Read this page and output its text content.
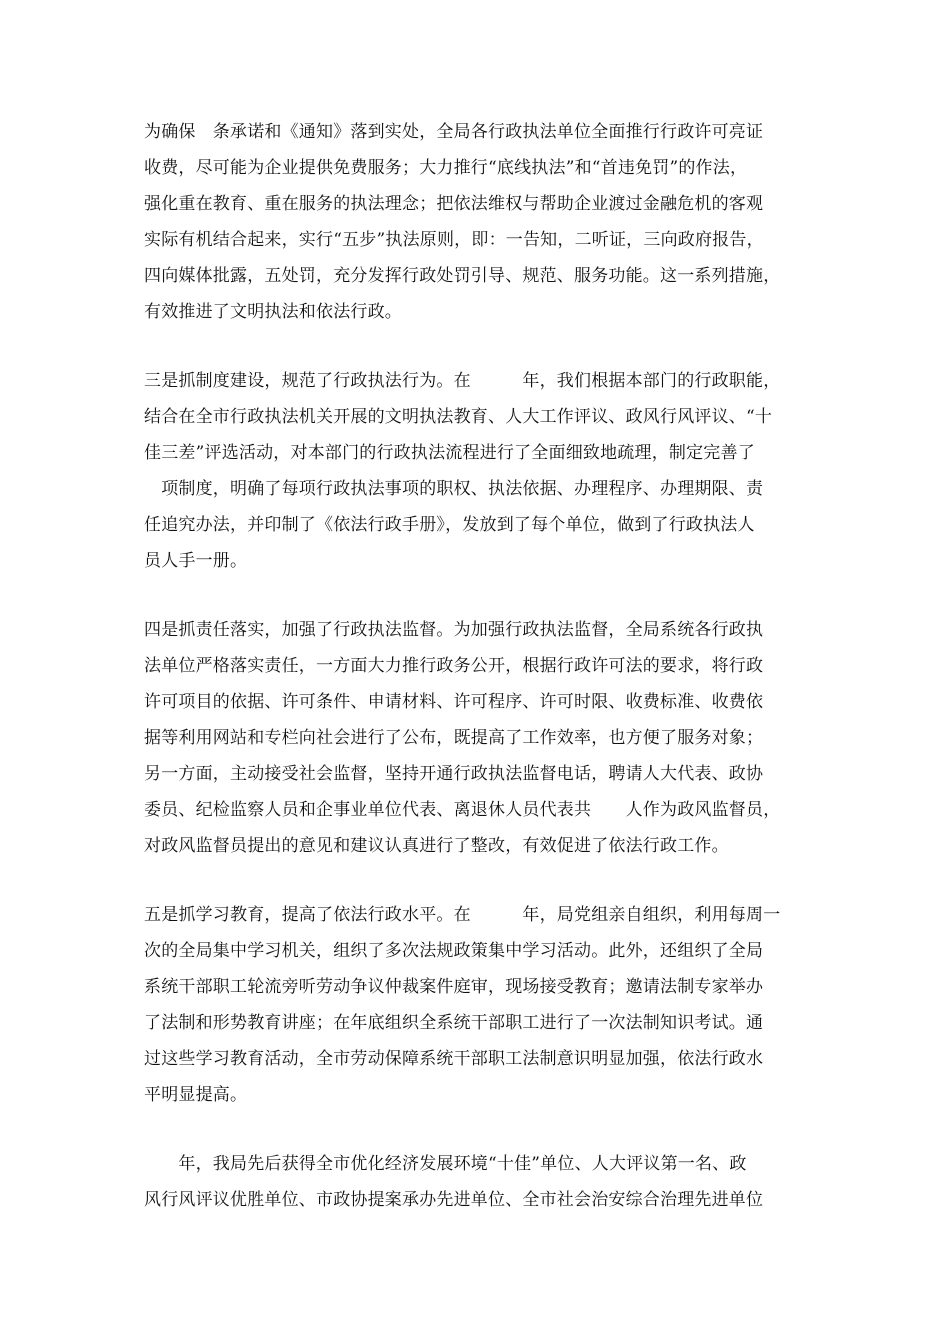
为确保　条承诺和《通知》落到实处，全局各行政执法单位全面推行行政许可亮证
收费，尽可能为企业提供免费服务；大力推行“底线执法”和“首违免罚”的作法，
强化重在教育、重在服务的执法理念；把依法维权与帮助企业渡过金融危机的客观
实际有机结合起来，实行“五步”执法原则，即：一告知，二听证，三向政府报告，
四向媒体批露，五处罚，充分发挥行政处罚引导、规范、服务功能。这一系列措施，
有效推进了文明执法和依法行政。
三是抓制度建设，规范了行政执法行为。在　　　年，我们根据本部门的行政职能，
结合在全市行政执法机关开展的文明执法教育、人大工作评议、政风行风评议、“十
佳三差”评选活动，对本部门的行政执法流程进行了全面细致地疏理，制定完善了
　项制度，明确了每项行政执法事项的职权、执法依据、办理程序、办理期限、责
任追究办法，并印制了《依法行政手册》，发放到了每个单位，做到了行政执法人
员人手一册。
四是抓责任落实，加强了行政执法监督。为加强行政执法监督，全局系统各行政执
法单位严格落实责任，一方面大力推行政务公开，根据行政许可法的要求，将行政
许可项目的依据、许可条件、申请材料、许可程序、许可时限、收费标准、收费依
据等利用网站和专栏向社会进行了公布，既提高了工作效率，也方便了服务对象；
另一方面，主动接受社会监督，坚持开通行政执法监督电话，聘请人大代表、政协
委员、纪检监察人员和企事业单位代表、离退休人员代表共　　人作为政风监督员，
对政风监督员提出的意见和建议认真进行了整改，有效促进了依法行政工作。
五是抓学习教育，提高了依法行政水平。在　　　年，局党组亲自组织，利用每周一
次的全局集中学习机关，组织了多次法规政策集中学习活动。此外，还组织了全局
系统干部职工轮流旁听劳动争议仲裁案件庭审，现场接受教育；邀请法制专家举办
了法制和形势教育讲座；在年底组织全系统干部职工进行了一次法制知识考试。通
过这些学习教育活动，全市劳动保障系统干部职工法制意识明显加强，依法行政水
平明显提高。
　　年，我局先后获得全市优化经济发展环境“十佳”单位、人大评议第一名、政
风行风评议优胜单位、市政协提案承办先进单位、全市社会治安综合治理先进单位
